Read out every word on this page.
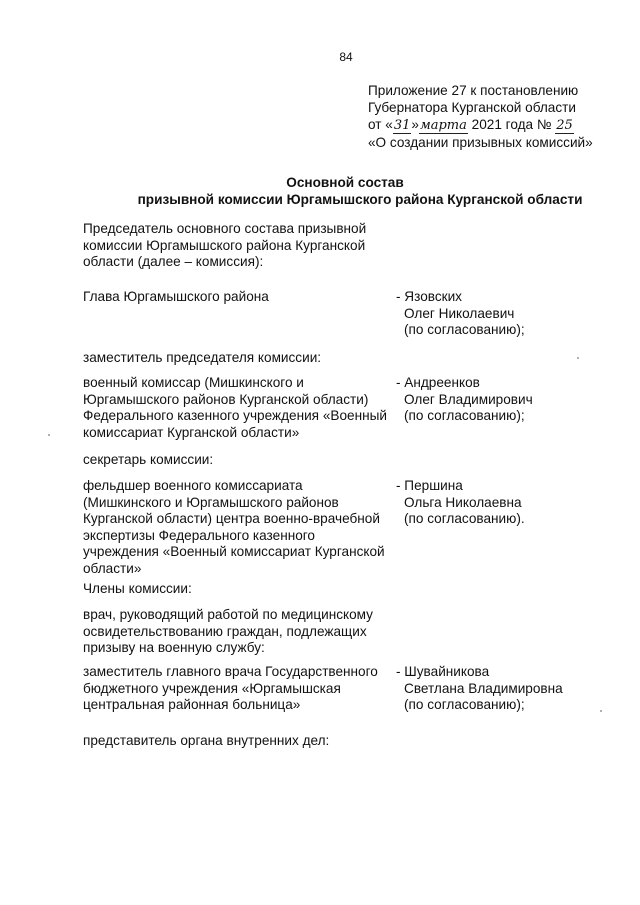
84
Приложение 27 к постановлению
Губернатора Курганской области
от «31»марта 2021 года № 25
«О создании призывных комиссий»
Основной состав
призывной комиссии Юргамышского района Курганской области
Председатель основного состава призывной комиссии Юргамышского района Курганской области (далее – комиссия):
Глава Юргамышского района	- Язовских
Олег Николаевич
(по согласованию);
заместитель председателя комиссии:
военный комиссар (Мишкинского и Юргамышского районов Курганской области) Федерального казенного учреждения «Военный комиссариат Курганской области»
- Андреенков
Олег Владимирович
(по согласованию);
секретарь комиссии:
фельдшер военного комиссариата (Мишкинского и Юргамышского районов Курганской области) центра военно-врачебной экспертизы Федерального казенного учреждения «Военный комиссариат Курганской области»
- Першина
Ольга Николаевна
(по согласованию).
Члены комиссии:
врач, руководящий работой по медицинскому освидетельствованию граждан, подлежащих призыву на военную службу:
заместитель главного врача Государственного бюджетного учреждения «Юргамышская центральная районная больница»
- Шувайникова
Светлана Владимировна
(по согласованию);
представитель органа внутренних дел:
